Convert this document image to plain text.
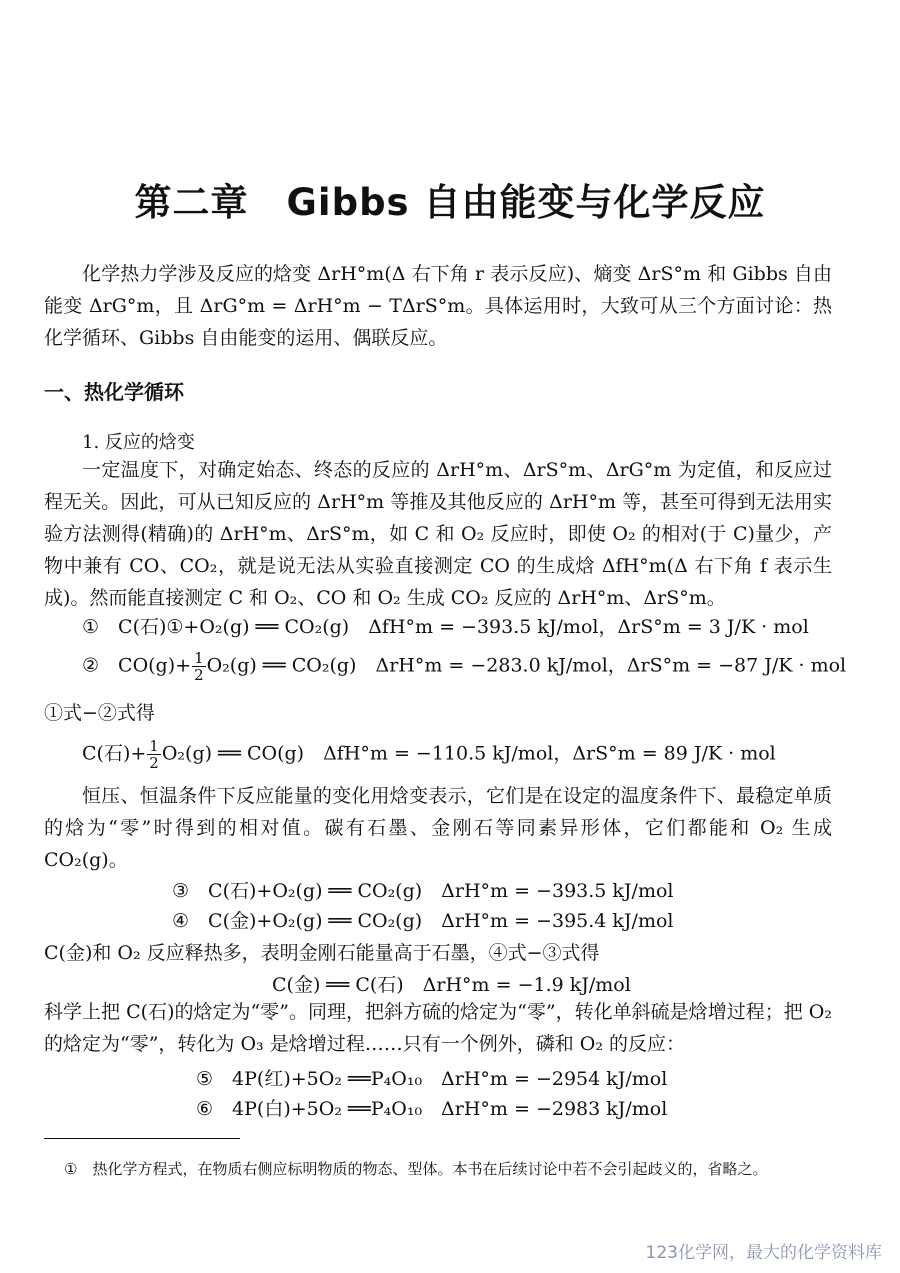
第二章　Gibbs 自由能变与化学反应
化学热力学涉及反应的焓变 ΔrH°m(Δ 右下角 r 表示反应)、熵变 ΔrS°m 和 Gibbs 自由能变 ΔrG°m，且 ΔrG°m = ΔrH°m − TΔrS°m。具体运用时，大致可从三个方面讨论：热化学循环、Gibbs 自由能变的运用、偶联反应。
一、热化学循环
1. 反应的焓变
一定温度下，对确定始态、终态的反应的 ΔrH°m、ΔrS°m、ΔrG°m 为定值，和反应过程无关。因此，可从已知反应的 ΔrH°m 等推及其他反应的 ΔrH°m 等，甚至可得到无法用实验方法测得(精确)的 ΔrH°m、ΔrS°m，如 C 和 O₂ 反应时，即使 O₂ 的相对(于 C)量少，产物中兼有 CO、CO₂，就是说无法从实验直接测定 CO 的生成焓 ΔfH°m(Δ 右下角 f 表示生成)。然而能直接测定 C 和 O₂、CO 和 O₂ 生成 CO₂ 反应的 ΔrH°m、ΔrS°m。
①　C(石)①+O₂(g) ══ CO₂(g)　ΔfH°m = −393.5 kJ/mol，ΔrS°m = 3 J/K · mol
②　$CO(g)+ \frac{1}{2} O_2(g)$ ══ CO₂(g)　ΔrH°m = −283.0 kJ/mol，ΔrS°m = −87 J/K · mol
①式−②式得
C(石)+ $\frac{1}{2} O_2(g)$ ══ CO(g)　ΔfH°m = −110.5 kJ/mol，ΔrS°m = 89 J/K · mol
恒压、恒温条件下反应能量的变化用焓变表示，它们是在设定的温度条件下、最稳定单质的焓为“零”时得到的相对值。碳有石墨、金刚石等同素异形体，它们都能和 O₂ 生成 CO₂(g)。
③　C(石)+O₂(g) ══ CO₂(g)　ΔrH°m = −393.5 kJ/mol
④　C(金)+O₂(g) ══ CO₂(g)　ΔrH°m = −395.4 kJ/mol
C(金)和 O₂ 反应释热多，表明金刚石能量高于石墨，④式−③式得
C(金) ══ C(石)　ΔrH°m = −1.9 kJ/mol
科学上把 C(石)的焓定为“零”。同理，把斜方硫的焓定为“零”，转化单斜硫是焓增过程；把 O₂ 的焓定为“零”，转化为 O₃ 是焓增过程……只有一个例外，磷和 O₂ 的反应：
⑤　4P(红)+5O₂ ══P₄O₁₀　ΔrH°m = −2954 kJ/mol
⑥　4P(白)+5O₂ ══P₄O₁₀　ΔrH°m = −2983 kJ/mol
①　热化学方程式，在物质右侧应标明物质的物态、型体。本书在后续讨论中若不会引起歧义的，省略之。
123化学网，最大的化学资料库
